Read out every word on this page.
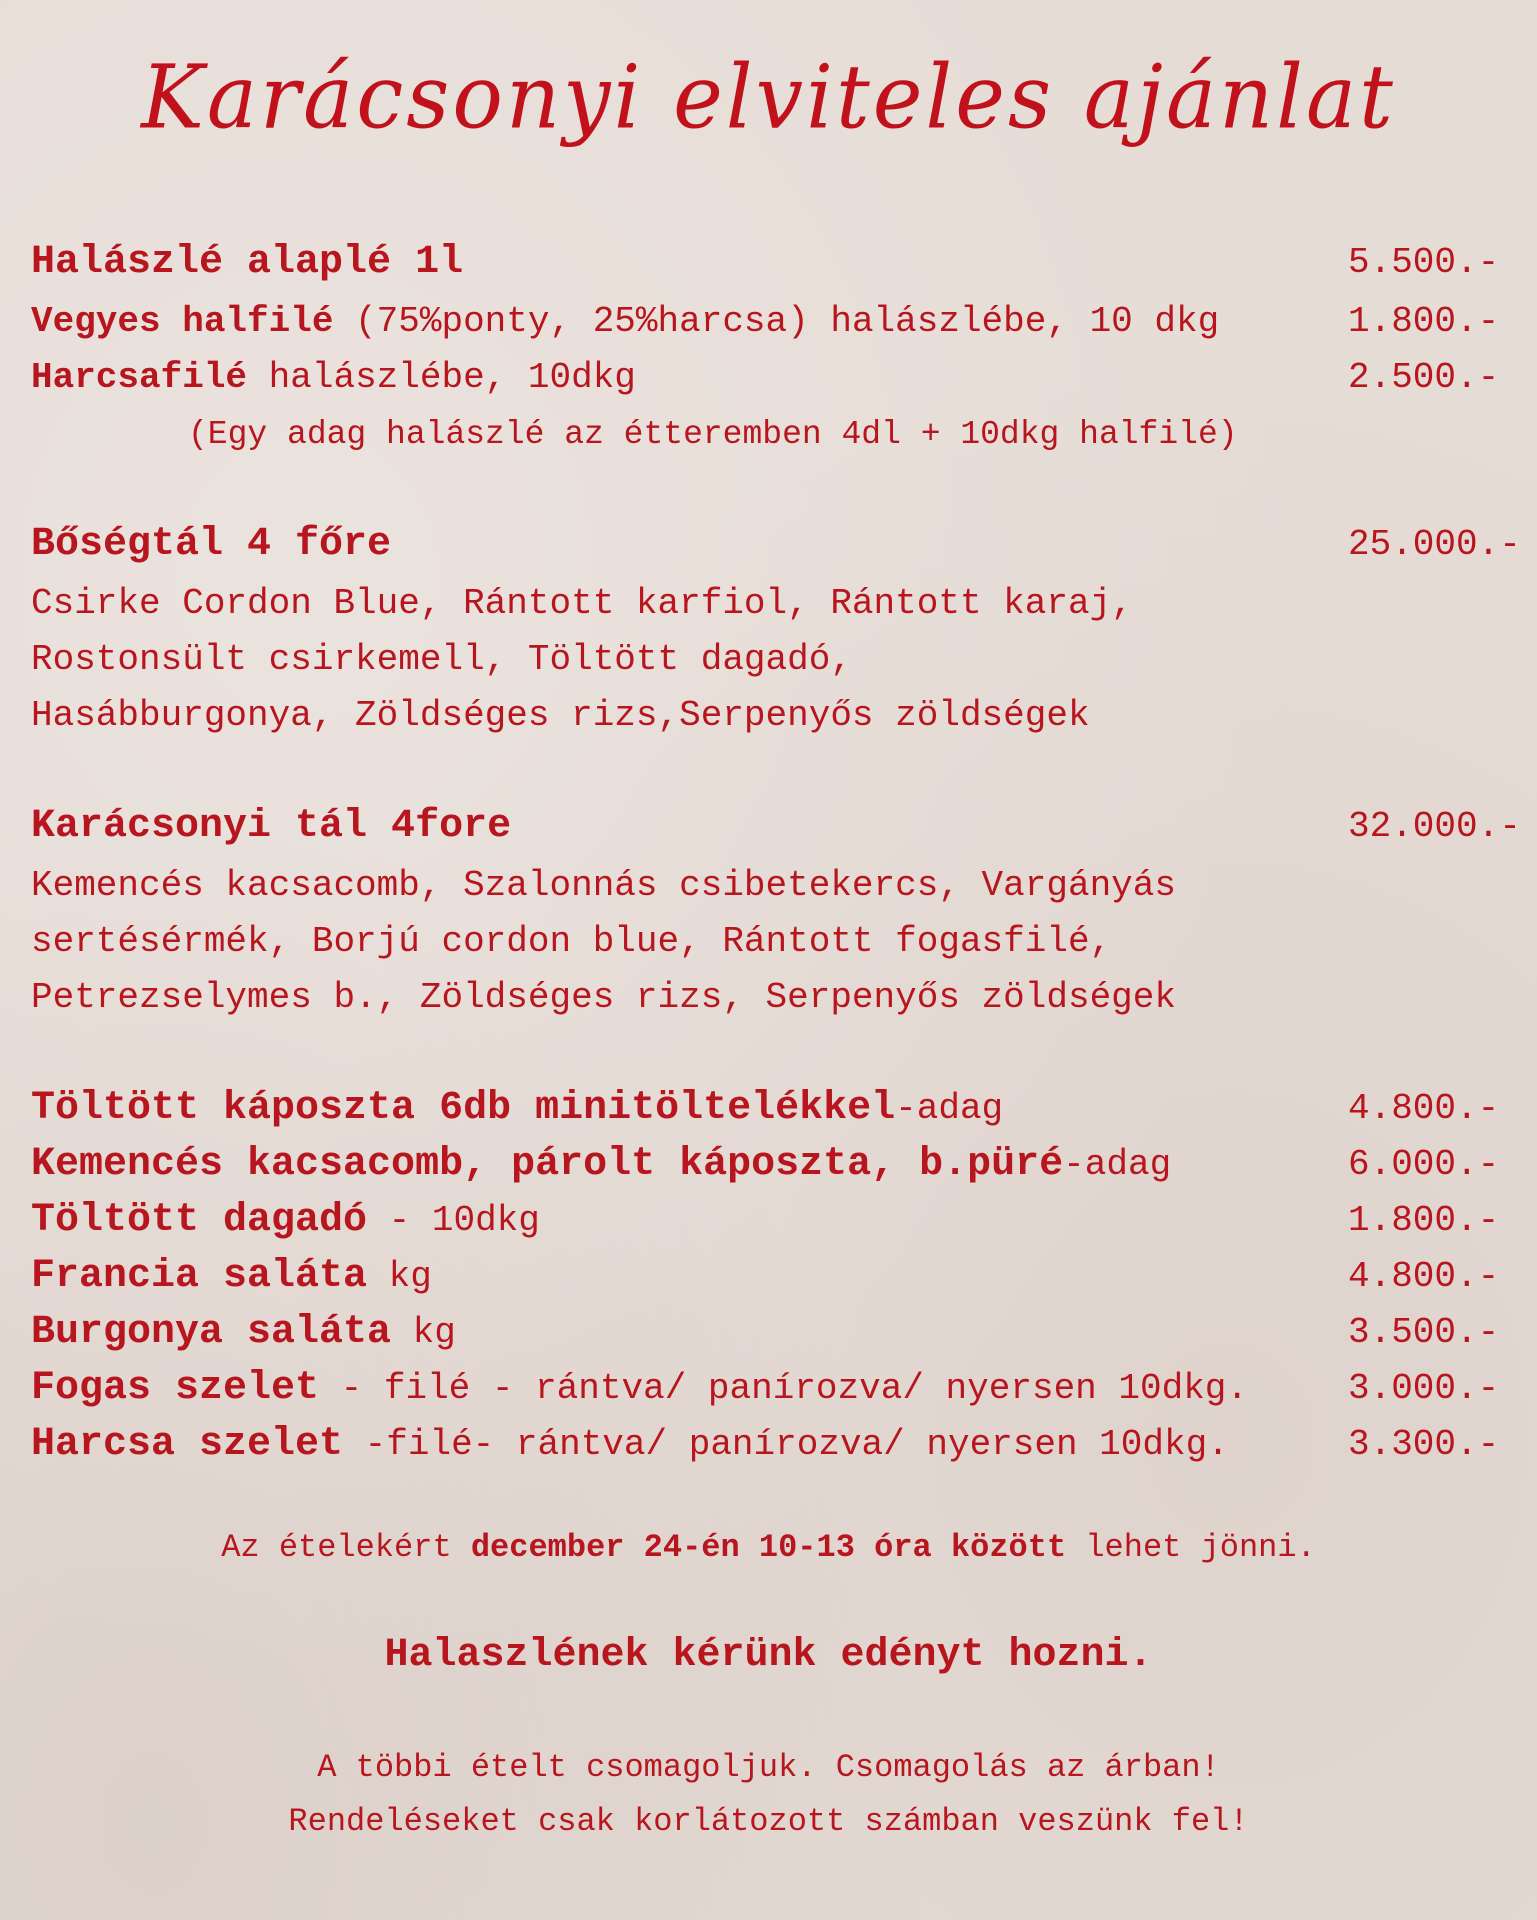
Karácsonyi elviteles ajánlat
Halászlé alaplé 1l	5.500.-
Vegyes halfilé (75%ponty, 25%harcsa) halászlébe, 10 dkg	1.800.-
Harcsafilé halászlébe, 10dkg	2.500.-
(Egy adag halászlé az étteremben 4dl + 10dkg halfilé)
Bőségtál 4 főre	25.000.-
Csirke Cordon Blue, Rántott karfiol, Rántott karaj,
Rostonsült csirkemell, Töltött dagadó,
Hasábburgonya, Zöldséges rizs,Serpenyős zöldségek
Karácsonyi tál 4fore	32.000.-
Kemencés kacsacomb, Szalonnás csibetekercs, Vargányás
sertésérmék, Borjú cordon blue, Rántott fogasfilé,
Petrezselymes b., Zöldséges rizs, Serpenyős zöldségek
Töltött káposzta 6db minitöltelékkel-adag	4.800.-
Kemencés kacsacomb, párolt káposzta, b.püré-adag	6.000.-
Töltött dagadó - 10dkg	1.800.-
Francia saláta kg	4.800.-
Burgonya saláta kg	3.500.-
Fogas szelet - filé - rántva/ panírozva/ nyersen 10dkg.	3.000.-
Harcsa szelet -filé- rántva/ panírozva/ nyersen 10dkg.	3.300.-
Az ételekért december 24-én 10-13 óra között lehet jönni.
Halaszlének kérünk edényt hozni.
A többi ételt csomagoljuk. Csomagolás az árban!
Rendeléseket csak korlátozott számban veszünk fel!
